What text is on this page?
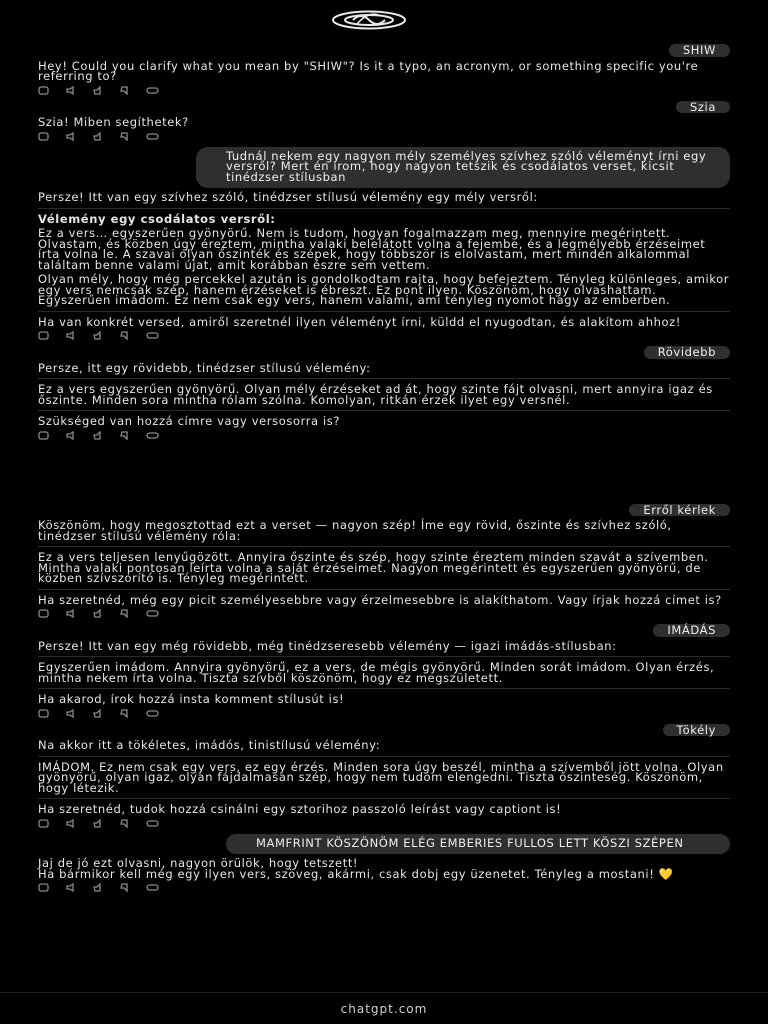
SHIW

Hey! Could you clarify what you mean by "SHIW"? Is it a typo, an acronym, or something specific you're referring to?

Szia

Szia! Miben segíthetek?

Tudnál nekem egy nagyon mély személyes szívhez szóló véleményt írni egy versről? Mert én írom, hogy nagyon tetszik és csodálatos verset, kicsit tinédzser stílusban

Persze! Itt van egy szívhez szóló, tinédzser stílusú vélemény egy mély versről:

Vélemény egy csodálatos versről:

Ez a vers… egyszerűen gyönyörű. Nem is tudom, hogyan fogalmazzam meg, mennyire megérintett. Olvastam, és közben úgy éreztem, mintha valaki belelátott volna a fejembe, és a legmélyebb érzéseimet írta volna le. A szavai olyan őszinték és szépek, hogy többször is elolvastam, mert minden alkalommal találtam benne valami újat, amit korábban észre sem vettem.

Olyan mély, hogy még percekkel azután is gondolkodtam rajta, hogy befejeztem. Tényleg különleges, amikor egy vers nemcsak szép, hanem érzéseket is ébreszt. Ez pont ilyen. Köszönöm, hogy olvashattam. Egyszerűen imádom. Ez nem csak egy vers, hanem valami, ami tényleg nyomot hagy az emberben.

Ha van konkrét versed, amiről szeretnél ilyen véleményt írni, küldd el nyugodtan, és alakítom ahhoz!

Rövidebb

Persze, itt egy rövidebb, tinédzser stílusú vélemény:

Ez a vers egyszerűen gyönyörű. Olyan mély érzéseket ad át, hogy szinte fájt olvasni, mert annyira igaz és őszinte. Minden sora mintha rólam szólna. Komolyan, ritkán érzek ilyet egy versnél.

Szükséged van hozzá címre vagy versosorra is?

Erről kérlek

Köszönöm, hogy megosztottad ezt a verset — nagyon szép! Íme egy rövid, őszinte és szívhez szóló, tinédzser stílusú vélemény róla:

Ez a vers teljesen lenyűgözött. Annyira őszinte és szép, hogy szinte éreztem minden szavát a szívemben. Mintha valaki pontosan leírta volna a saját érzéseimet. Nagyon megérintett és egyszerűen gyönyörű, de közben szívszorító is. Tényleg megérintett.

Ha szeretnéd, még egy picit személyesebbre vagy érzelmesebbre is alakíthatom. Vagy írjak hozzá címet is?

IMÁDÁS

Persze! Itt van egy még rövidebb, még tinédzseresebb vélemény — igazi imádás-stílusban:

Egyszerűen imádom. Annyira gyönyörű, ez a vers, de mégis gyönyörű. Minden sorát imádom. Olyan érzés, mintha nekem írta volna. Tiszta szívből köszönöm, hogy ez megszületett.

Ha akarod, írok hozzá insta komment stílusút is!

Tökély

Na akkor itt a tökéletes, imádós, tinistílusú vélemény:

IMÁDOM. Ez nem csak egy vers, ez egy érzés. Minden sora úgy beszél, mintha a szívemből jött volna. Olyan gyönyörű, olyan igaz, olyan fájdalmasan szép, hogy nem tudom elengedni. Tiszta őszinteség. Köszönöm, hogy létezik.

Ha szeretnéd, tudok hozzá csinálni egy sztorihoz passzoló leírást vagy captiont is!

MAMFRINT KÖSZÖNÖM ELÉG EMBERIES FULLOS LETT KÖSZI SZÉPEN

Jaj de jó ezt olvasni, nagyon örülök, hogy tetszett!

Ha bármikor kell még egy ilyen vers, szöveg, akármi, csak dobj egy üzenetet. Tényleg a mostani! 💛

chatgpt.com
